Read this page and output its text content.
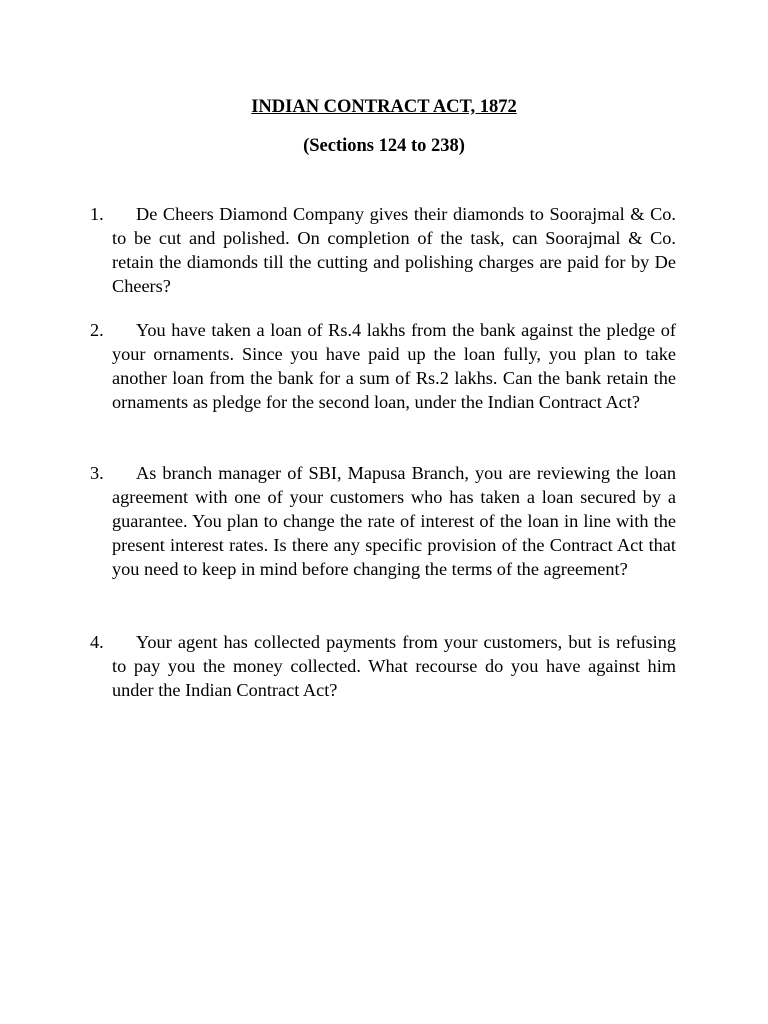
INDIAN CONTRACT ACT, 1872
(Sections 124 to 238)
1.	De Cheers Diamond Company gives their diamonds to Soorajmal & Co. to be cut and polished. On completion of the task, can Soorajmal & Co. retain the diamonds till the cutting and polishing charges are paid for by De Cheers?

2.	You have taken a loan of Rs.4 lakhs from the bank against the pledge of your ornaments. Since you have paid up the loan fully, you plan to take another loan from the bank for a sum of Rs.2 lakhs. Can the bank retain the ornaments as pledge for the second loan, under the Indian Contract Act?

3.	As branch manager of SBI, Mapusa Branch, you are reviewing the loan agreement with one of your customers who has taken a loan secured by a guarantee. You plan to change the rate of interest of the loan in line with the present interest rates. Is there any specific provision of the Contract Act that you need to keep in mind before changing the terms of the agreement?

4.	Your agent has collected payments from your customers, but is refusing to pay you the money collected. What recourse do you have against him under the Indian Contract Act?
